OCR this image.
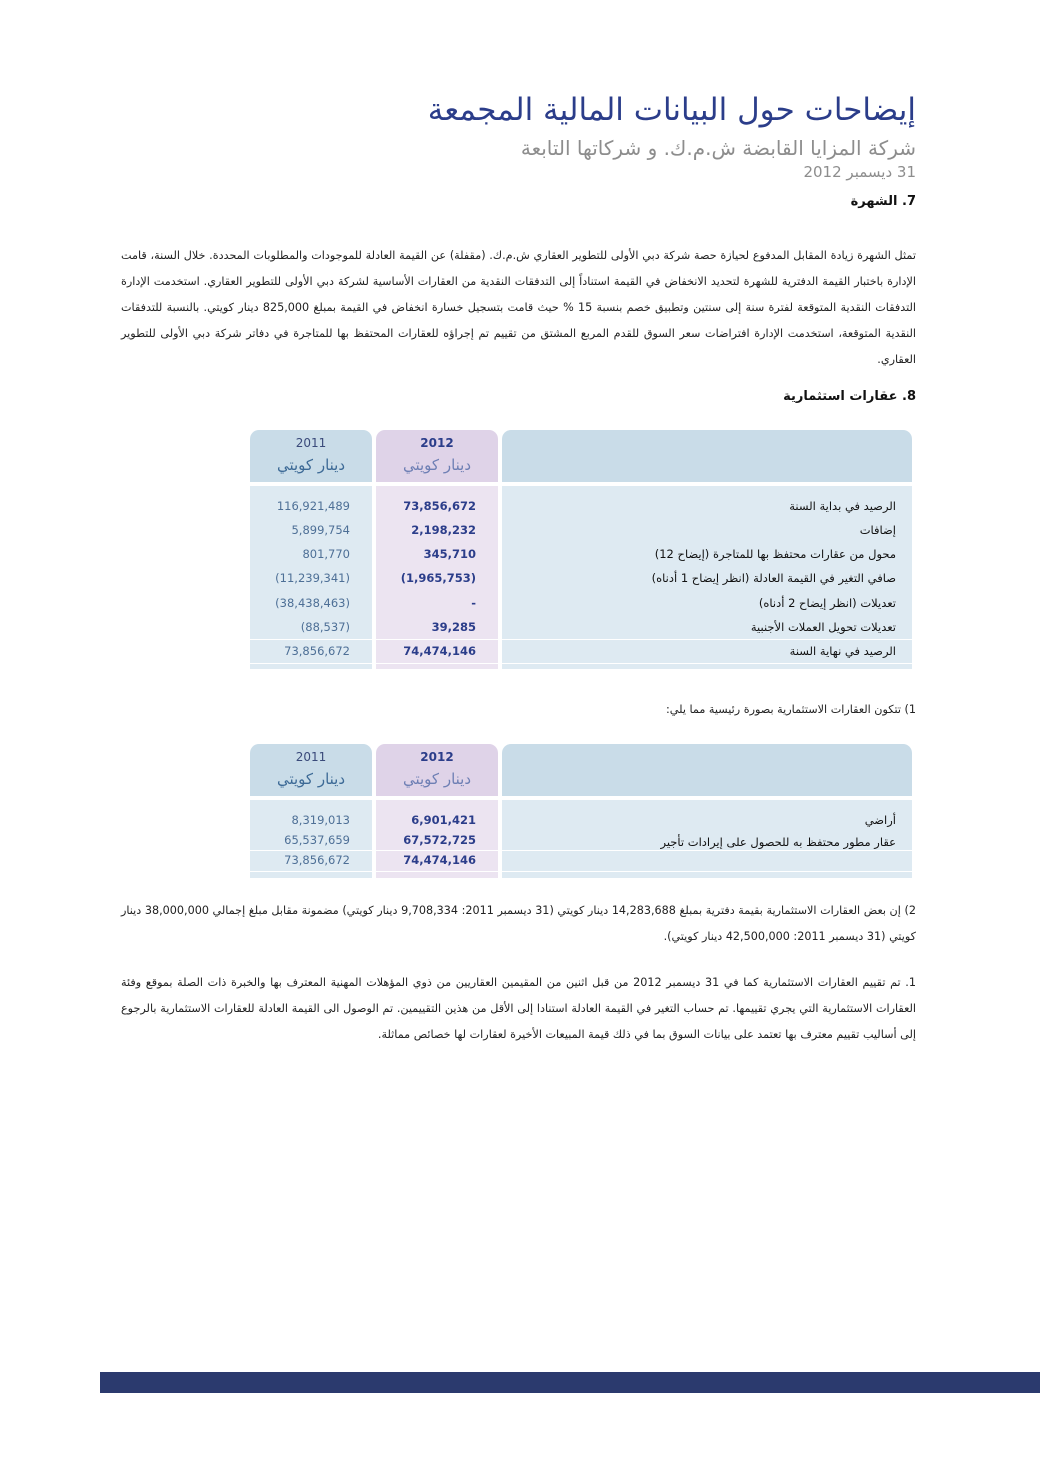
إيضاحات حول البيانات المالية المجمعة
شركة المزايا القابضة ش.م.ك. و شركاتها التابعة
31 ديسمبر 2012
7. الشهرة
تمثل الشهرة زيادة المقابل المدفوع لحيازة حصة شركة دبي الأولى للتطوير العقاري ش.م.ك. (مقفلة) عن القيمة العادلة للموجودات والمطلوبات المحددة. خلال السنة، قامت الإدارة باختبار القيمة الدفترية للشهرة لتحديد الانخفاض في القيمة استناداً إلى التدفقات النقدية من العقارات الأساسية لشركة دبي الأولى للتطوير العقاري. استخدمت الإدارة التدفقات النقدية المتوقعة لفترة سنة إلى سنتين وتطبيق خصم بنسبة 15 % حيث قامت بتسجيل خسارة انخفاض في القيمة بمبلغ 825,000 دينار كويتي. بالنسبة للتدفقات النقدية المتوقعة، استخدمت الإدارة افتراضات سعر السوق للقدم المربع المشتق من تقييم تم إجراؤه للعقارات المحتفظ بها للمتاجرة في دفاتر شركة دبي الأولى للتطوير العقاري.
8. عقارات استثمارية
2011
دينار كويتي
2012
دينار كويتي
116,921,489	73,856,672	الرصيد في بداية السنة
5,899,754	2,198,232	إضافات
801,770	345,710	محول من عقارات محتفظ بها للمتاجرة (إيضاح 12)
(11,239,341)	(1,965,753)	صافي التغير في القيمة العادلة (انظر إيضاح 1 أدناه)
(38,438,463)	-	تعديلات (انظر إيضاح 2 أدناه)
(88,537)	39,285	تعديلات تحويل العملات الأجنبية
73,856,672	74,474,146	الرصيد في نهاية السنة
1) تتكون العقارات الاستثمارية بصورة رئيسية مما يلي:
2011
دينار كويتي
2012
دينار كويتي
8,319,013	6,901,421	أراضي
65,537,659	67,572,725	عقار مطور محتفظ به للحصول على إيرادات تأجير
73,856,672	74,474,146
2) إن بعض العقارات الاستثمارية بقيمة دفترية بمبلغ 14,283,688 دينار كويتي (31 ديسمبر 2011: 9,708,334 دينار كويتي) مضمونة مقابل مبلغ إجمالي 38,000,000 دينار كويتي (31 ديسمبر 2011: 42,500,000 دينار كويتي).
1. تم تقييم العقارات الاستثمارية كما في 31 ديسمبر 2012 من قبل اثنين من المقيمين العقاريين من ذوي المؤهلات المهنية المعترف بها والخبرة ذات الصلة بموقع وفئة العقارات الاستثمارية التي يجري تقييمها. تم حساب التغير في القيمة العادلة استنادا إلى الأقل من هذين التقييمين. تم الوصول الى القيمة العادلة للعقارات الاستثمارية بالرجوع إلى أساليب تقييم معترف بها تعتمد على بيانات السوق بما في ذلك قيمة المبيعات الأخيرة لعقارات لها خصائص مماثلة.
